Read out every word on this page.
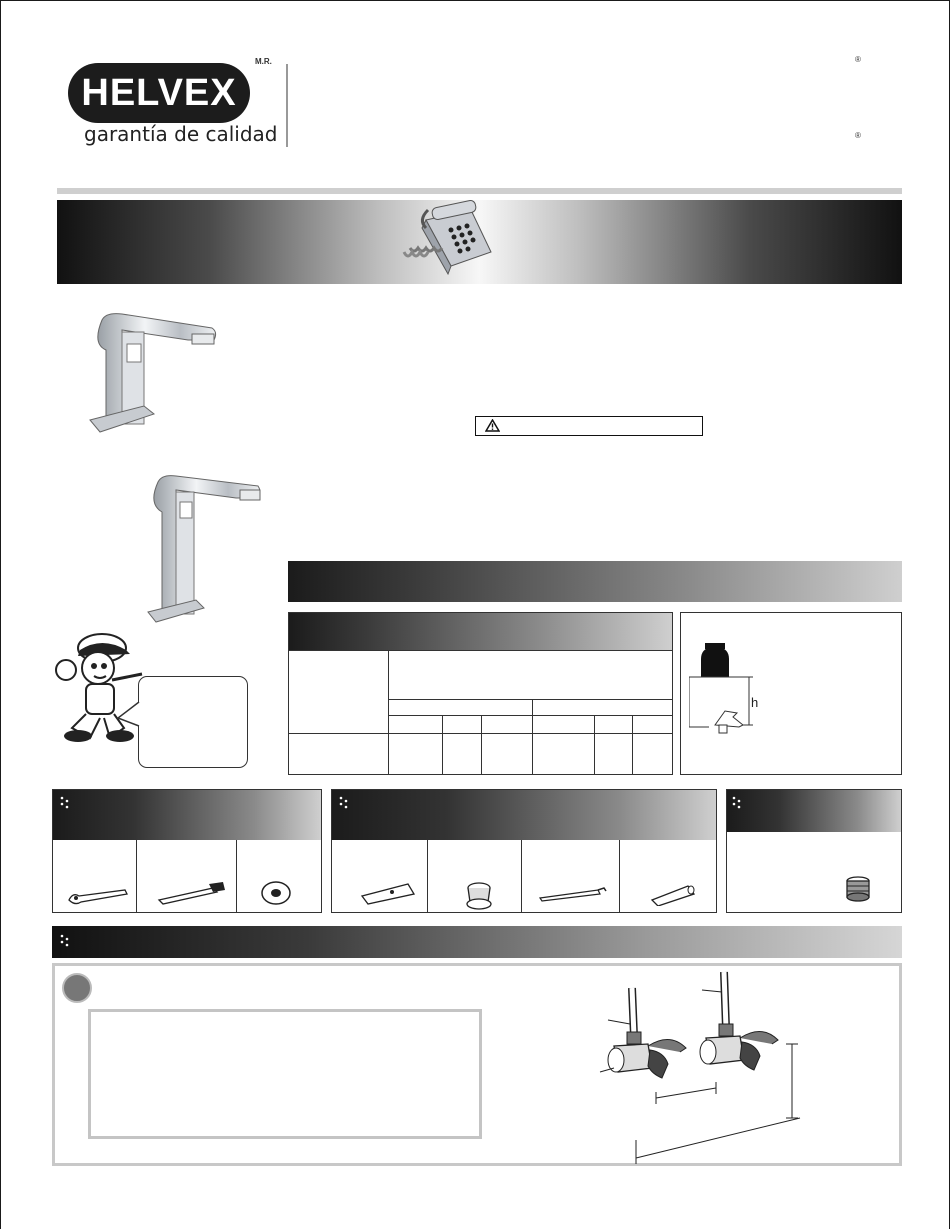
HELVEX
M.R.
garantía de calidad
®
®
h
